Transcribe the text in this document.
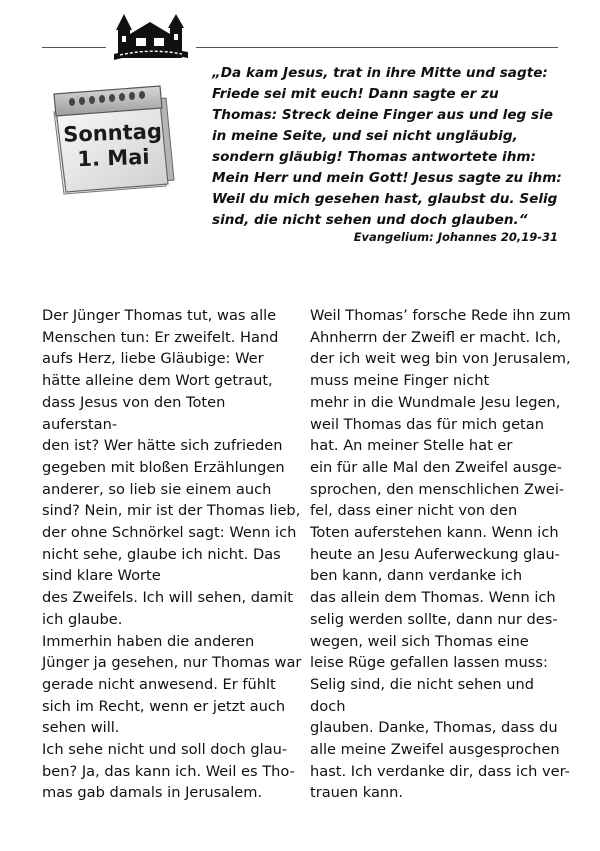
Sonntag
1. Mai

„Da kam Jesus, trat in ihre Mitte und sagte: Friede sei mit euch! Dann sagte er zu Thomas: Streck deine Finger aus und leg sie in meine Seite, und sei nicht ungläubig, sondern gläubig! Thomas antwortete ihm: Mein Herr und mein Gott! Jesus sagte zu ihm: Weil du mich gesehen hast, glaubst du. Selig sind, die nicht sehen und doch glauben.“

Evangelium: Johannes 20,19-31

Der Jünger Thomas tut, was alle
Menschen tun: Er zweifelt. Hand
aufs Herz, liebe Gläubige: Wer
hätte alleine dem Wort getraut,
dass Jesus von den Toten auferstan-
den ist? Wer hätte sich zufrieden
gegeben mit bloßen Erzählungen
anderer, so lieb sie einem auch
sind? Nein, mir ist der Thomas lieb,
der ohne Schnörkel sagt: Wenn ich
nicht sehe, glaube ich nicht. Das
sind klare Worte
des Zweifels. Ich will sehen, damit
ich glaube.
Immerhin haben die anderen
Jünger ja gesehen, nur Thomas war
gerade nicht anwesend. Er fühlt
sich im Recht, wenn er jetzt auch
sehen will.
Ich sehe nicht und soll doch glau-
ben? Ja, das kann ich. Weil es Tho-
mas gab damals in Jerusalem.

Weil Thomas’ forsche Rede ihn zum
Ahnherrn der Zweifl er macht. Ich,
der ich weit weg bin von Jerusalem,
muss meine Finger nicht
mehr in die Wundmale Jesu legen,
weil Thomas das für mich getan
hat. An meiner Stelle hat er
ein für alle Mal den Zweifel ausge-
sprochen, den menschlichen Zwei-
fel, dass einer nicht von den
Toten auferstehen kann. Wenn ich
heute an Jesu Auferweckung glau-
ben kann, dann verdanke ich
das allein dem Thomas. Wenn ich
selig werden sollte, dann nur des-
wegen, weil sich Thomas eine
leise Rüge gefallen lassen muss:
Selig sind, die nicht sehen und doch
glauben. Danke, Thomas, dass du
alle meine Zweifel ausgesprochen
hast. Ich verdanke dir, dass ich ver-
trauen kann.
